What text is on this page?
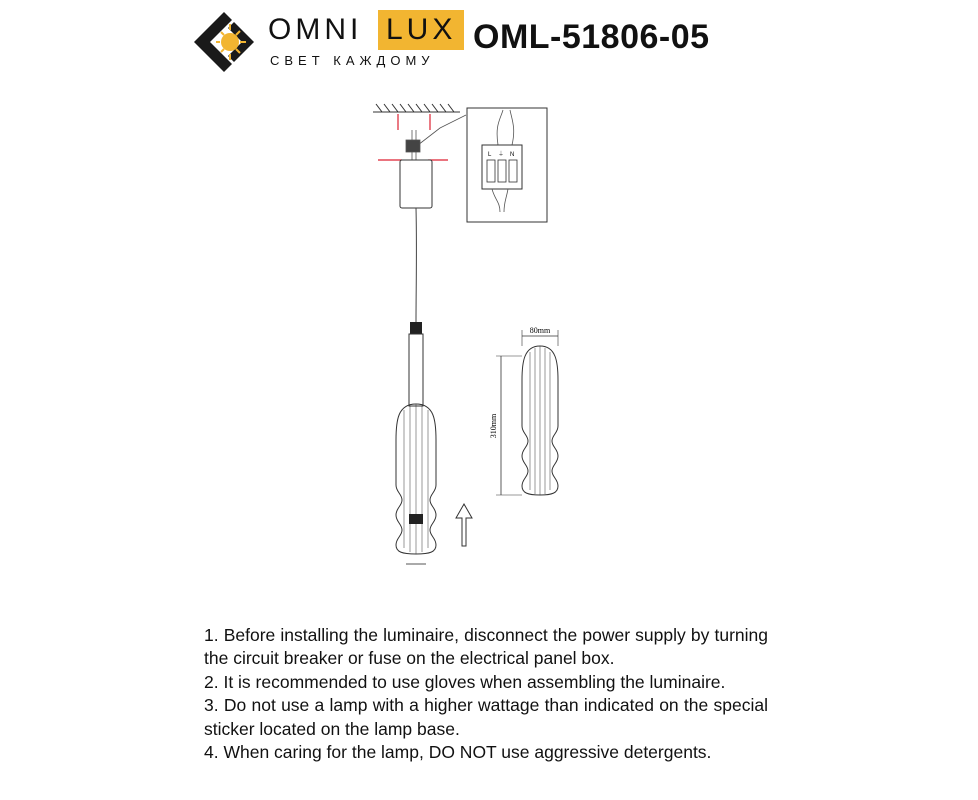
OMNI LUX
СВЕТ КАЖДОМУ
OML-51806-05
L ⏚ N
80mm
310mm

1. Before installing the luminaire, disconnect the power supply by turning the circuit breaker or fuse on the electrical panel box.

2. It is recommended to use gloves when assembling the luminaire.

3. Do not use a lamp with a higher wattage than indicated on the special sticker located on the lamp base.

4. When caring for the lamp, DO NOT use aggressive detergents.
